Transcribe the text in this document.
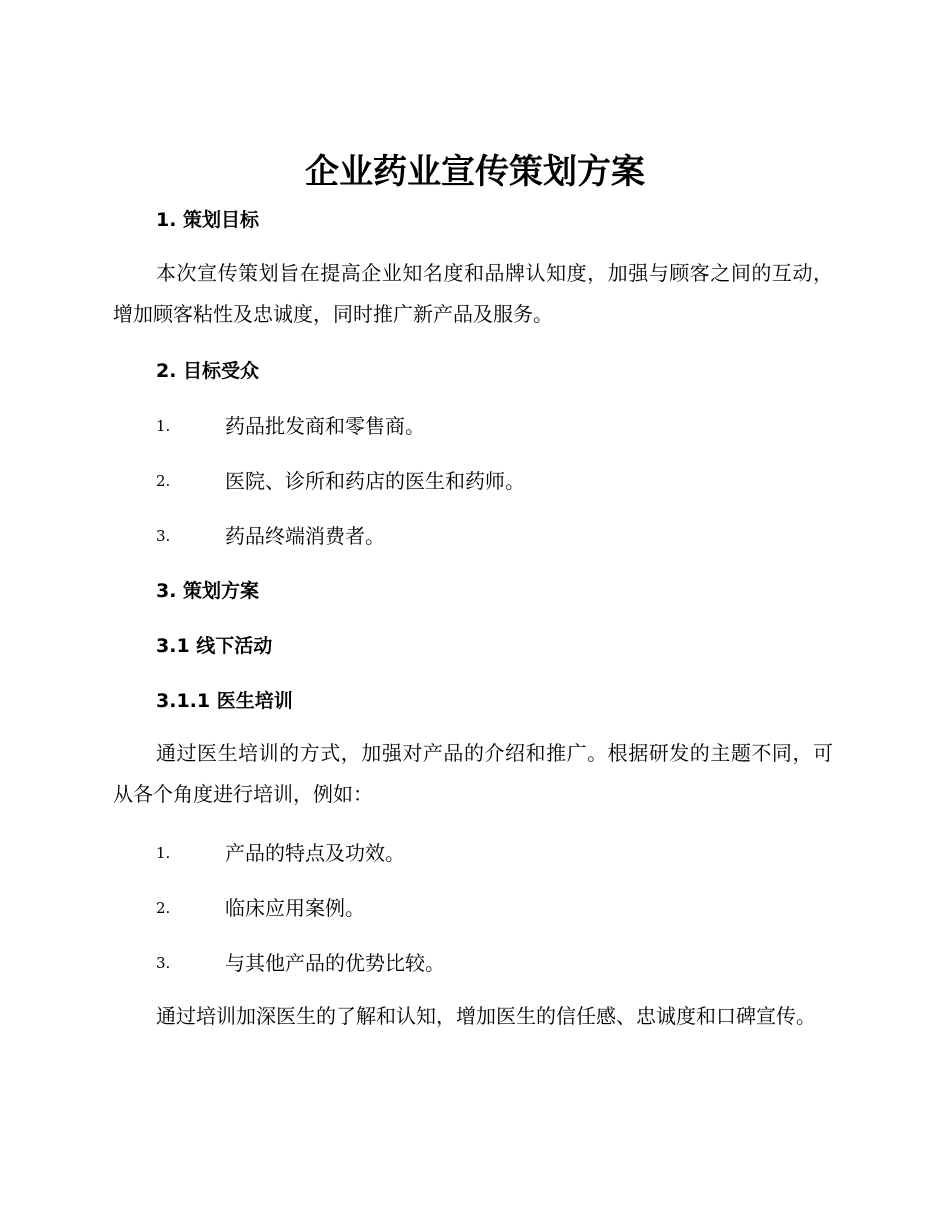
企业药业宣传策划方案
1. 策划目标

本次宣传策划旨在提高企业知名度和品牌认知度，加强与顾客之间的互动，增加顾客粘性及忠诚度，同时推广新产品及服务。

2. 目标受众
1.	药品批发商和零售商。
2.	医院、诊所和药店的医生和药师。
3.	药品终端消费者。
3. 策划方案
3.1 线下活动
3.1.1 医生培训

通过医生培训的方式，加强对产品的介绍和推广。根据研发的主题不同，可从各个角度进行培训，例如：

1.	产品的特点及功效。
2.	临床应用案例。
3.	与其他产品的优势比较。

通过培训加深医生的了解和认知，增加医生的信任感、忠诚度和口碑宣传。
